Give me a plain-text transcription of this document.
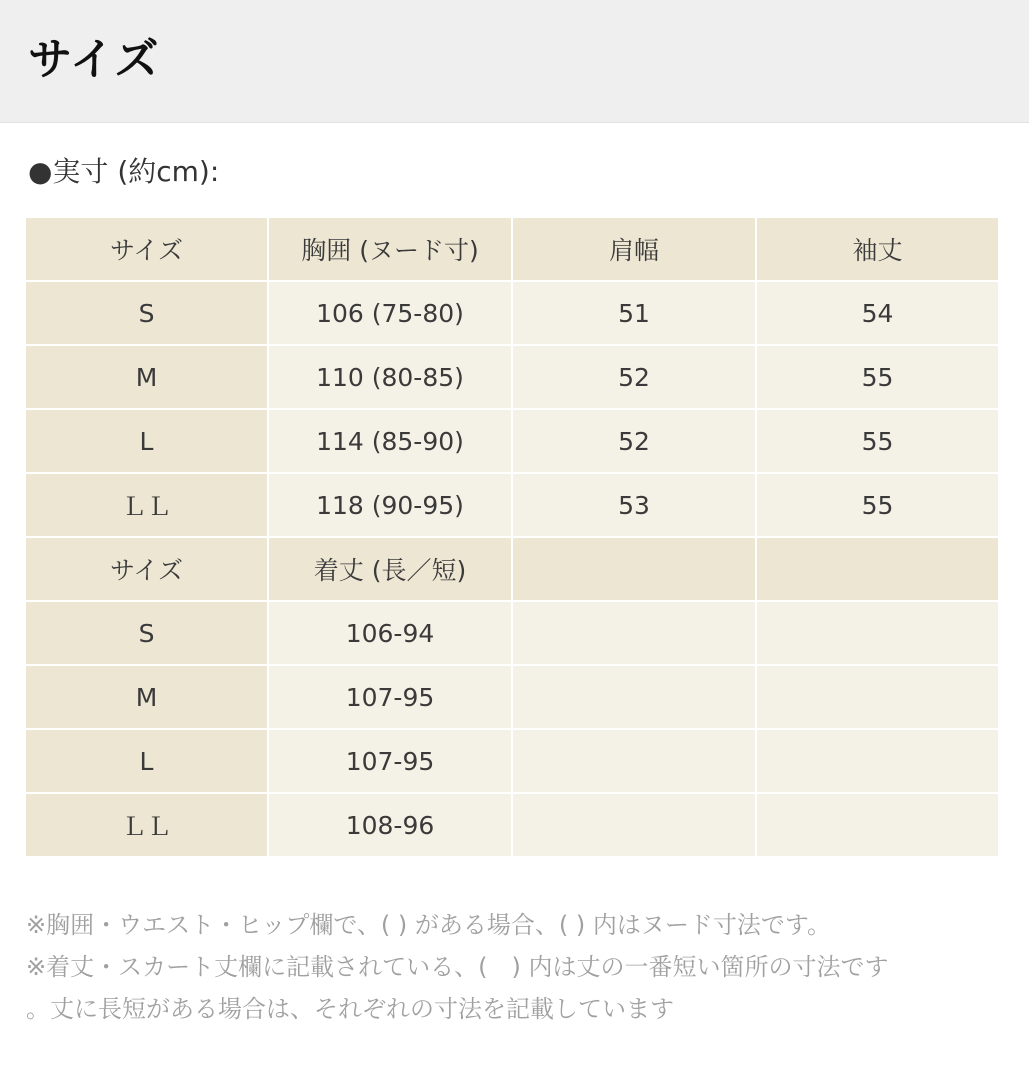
サイズ
●実寸 (約cm):
サイズ	胸囲 (ヌード寸)	肩幅	袖丈
S	106 (75-80)	51	54
M	110 (80-85)	52	55
L	114 (85-90)	52	55
ＬＬ	118 (90-95)	53	55
サイズ	着丈 (長／短)		
S	106-94		
M	107-95		
L	107-95		
ＬＬ	108-96		
※胸囲・ウエスト・ヒップ欄で、( ) がある場合、( ) 内はヌード寸法です。
※着丈・スカート丈欄に記載されている、(　) 内は丈の一番短い箇所の寸法です
。丈に長短がある場合は、それぞれの寸法を記載しています
